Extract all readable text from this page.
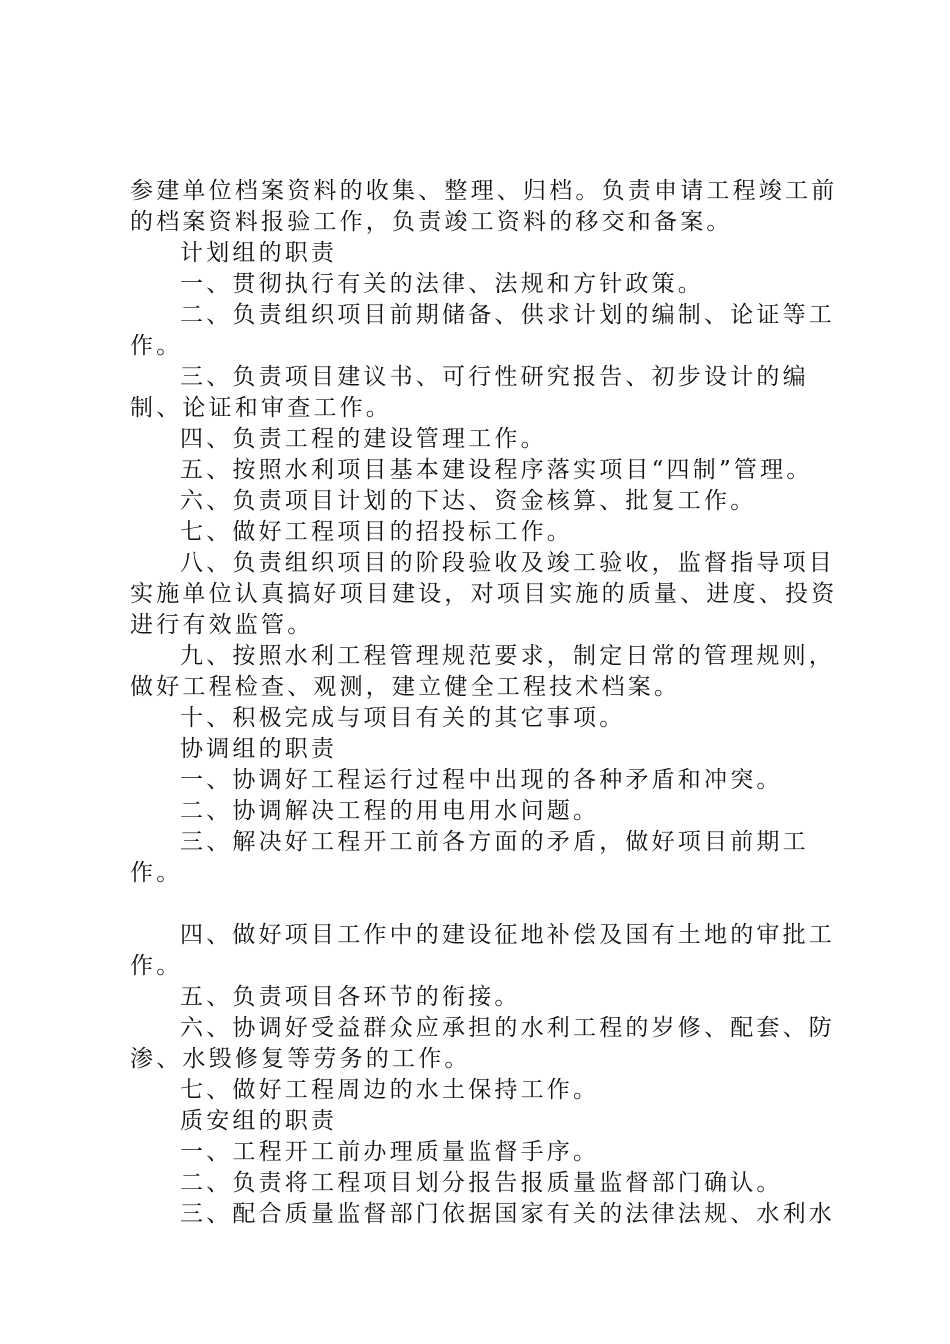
参建单位档案资料的收集、整理、归档。负责申请工程竣工前的档案资料报验工作，负责竣工资料的移交和备案。

计划组的职责

一、贯彻执行有关的法律、法规和方针政策。

二、负责组织项目前期储备、供求计划的编制、论证等工作。

三、负责项目建议书、可行性研究报告、初步设计的编制、论证和审查工作。

四、负责工程的建设管理工作。

五、按照水利项目基本建设程序落实项目“四制”管理。

六、负责项目计划的下达、资金核算、批复工作。

七、做好工程项目的招投标工作。

八、负责组织项目的阶段验收及竣工验收，监督指导项目实施单位认真搞好项目建设，对项目实施的质量、进度、投资进行有效监管。

九、按照水利工程管理规范要求，制定日常的管理规则，做好工程检查、观测，建立健全工程技术档案。

十、积极完成与项目有关的其它事项。

协调组的职责

一、协调好工程运行过程中出现的各种矛盾和冲突。

二、协调解决工程的用电用水问题。

三、解决好工程开工前各方面的矛盾，做好项目前期工作。

四、做好项目工作中的建设征地补偿及国有土地的审批工作。

五、负责项目各环节的衔接。

六、协调好受益群众应承担的水利工程的岁修、配套、防渗、水毁修复等劳务的工作。

七、做好工程周边的水土保持工作。

质安组的职责

一、工程开工前办理质量监督手序。

二、负责将工程项目划分报告报质量监督部门确认。

三、配合质量监督部门依据国家有关的法律法规、水利水
